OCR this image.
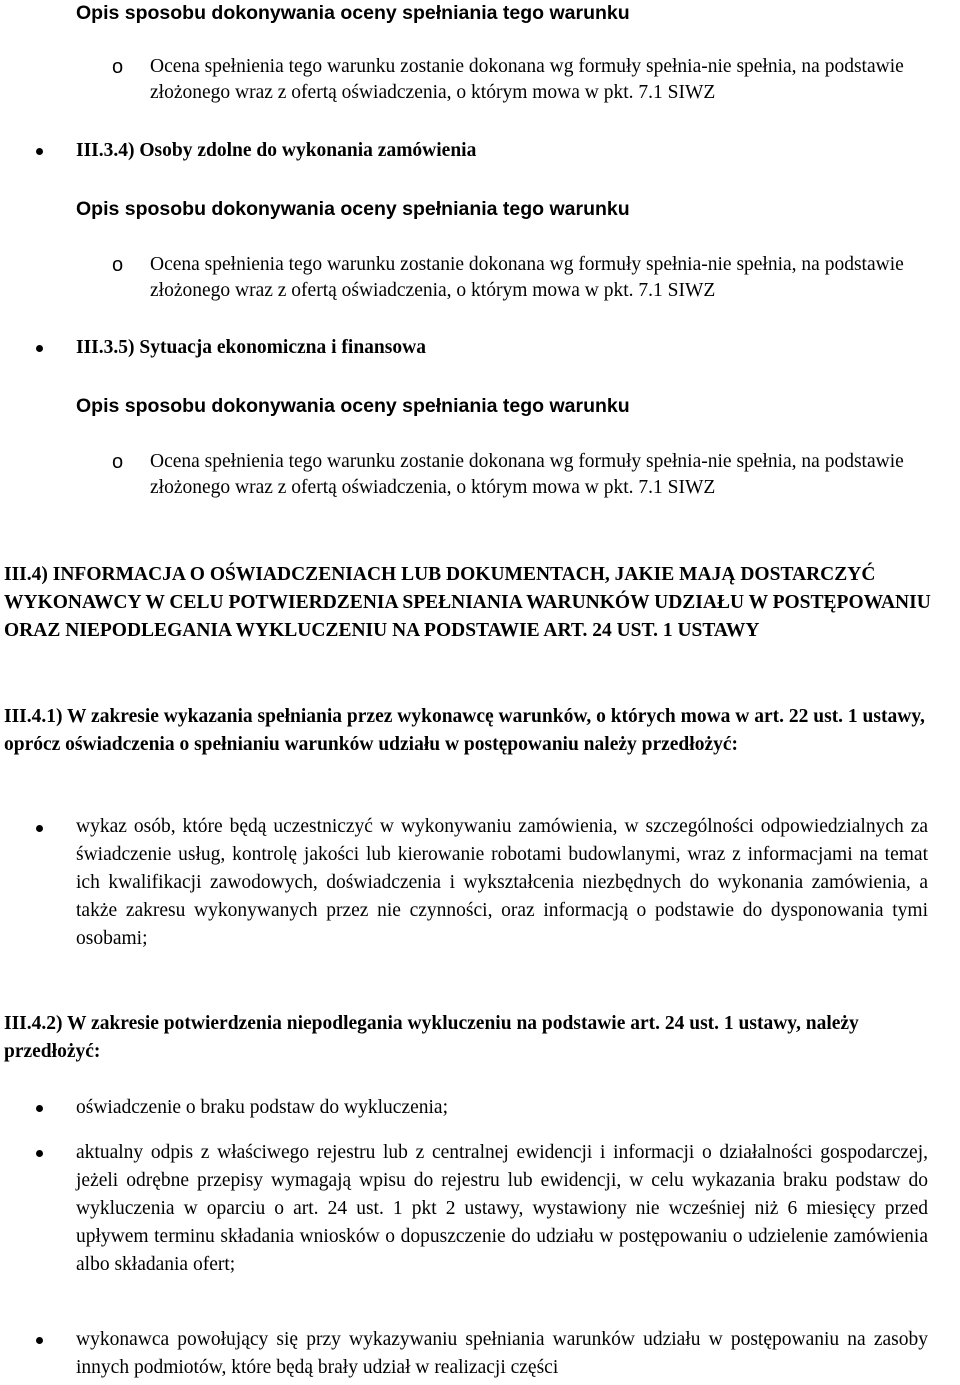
Opis sposobu dokonywania oceny spełniania tego warunku
o Ocena spełnienia tego warunku zostanie dokonana wg formuły spełnia-nie spełnia, na podstawie złożonego wraz z ofertą oświadczenia, o którym mowa w pkt. 7.1 SIWZ
III.3.4) Osoby zdolne do wykonania zamówienia
Opis sposobu dokonywania oceny spełniania tego warunku
o Ocena spełnienia tego warunku zostanie dokonana wg formuły spełnia-nie spełnia, na podstawie złożonego wraz z ofertą oświadczenia, o którym mowa w pkt. 7.1 SIWZ
III.3.5) Sytuacja ekonomiczna i finansowa
Opis sposobu dokonywania oceny spełniania tego warunku
o Ocena spełnienia tego warunku zostanie dokonana wg formuły spełnia-nie spełnia, na podstawie złożonego wraz z ofertą oświadczenia, o którym mowa w pkt. 7.1 SIWZ
III.4) INFORMACJA O OŚWIADCZENIACH LUB DOKUMENTACH, JAKIE MAJĄ DOSTARCZYĆ WYKONAWCY W CELU POTWIERDZENIA SPEŁNIANIA WARUNKÓW UDZIAŁU W POSTĘPOWANIU ORAZ NIEPODLEGANIA WYKLUCZENIU NA PODSTAWIE ART. 24 UST. 1 USTAWY
III.4.1) W zakresie wykazania spełniania przez wykonawcę warunków, o których mowa w art. 22 ust. 1 ustawy, oprócz oświadczenia o spełnianiu warunków udziału w postępowaniu należy przedłożyć:
wykaz osób, które będą uczestniczyć w wykonywaniu zamówienia, w szczególności odpowiedzialnych za świadczenie usług, kontrolę jakości lub kierowanie robotami budowlanymi, wraz z informacjami na temat ich kwalifikacji zawodowych, doświadczenia i wykształcenia niezbędnych do wykonania zamówienia, a także zakresu wykonywanych przez nie czynności, oraz informacją o podstawie do dysponowania tymi osobami;
III.4.2) W zakresie potwierdzenia niepodlegania wykluczeniu na podstawie art. 24 ust. 1 ustawy, należy przedłożyć:
oświadczenie o braku podstaw do wykluczenia;
aktualny odpis z właściwego rejestru lub z centralnej ewidencji i informacji o działalności gospodarczej, jeżeli odrębne przepisy wymagają wpisu do rejestru lub ewidencji, w celu wykazania braku podstaw do wykluczenia w oparciu o art. 24 ust. 1 pkt 2 ustawy, wystawiony nie wcześniej niż 6 miesięcy przed upływem terminu składania wniosków o dopuszczenie do udziału w postępowaniu o udzielenie zamówienia albo składania ofert;
wykonawca powołujący się przy wykazywaniu spełniania warunków udziału w postępowaniu na zasoby innych podmiotów, które będą brały udział w realizacji części
